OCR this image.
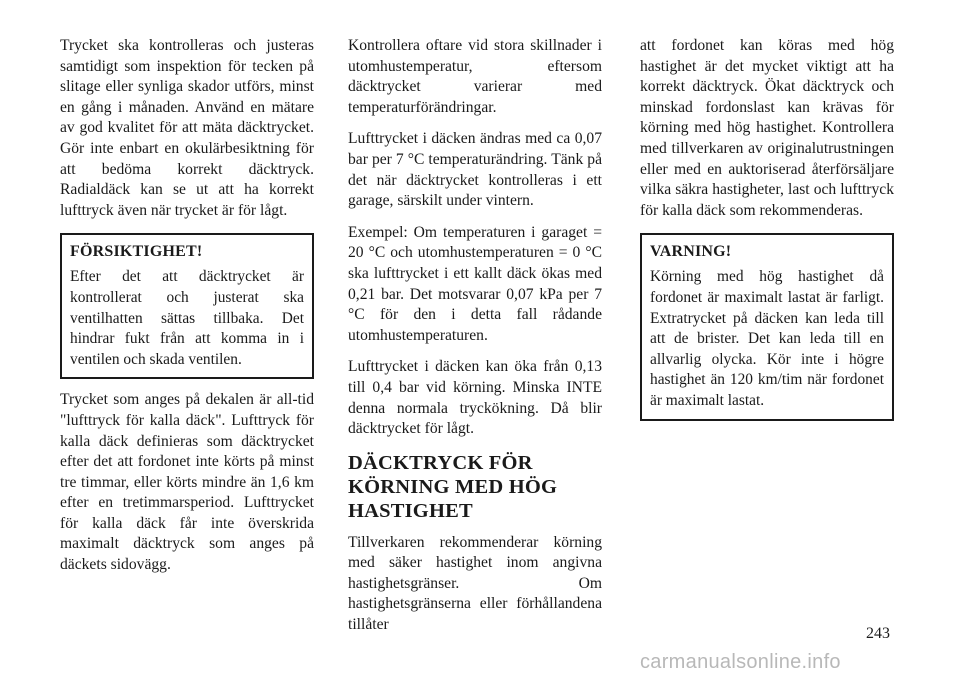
Trycket ska kontrolleras och justeras samtidigt som inspektion för tecken på slitage eller synliga skador utförs, minst en gång i månaden. Använd en mätare av god kvalitet för att mäta däcktrycket. Gör inte enbart en okulärbesiktning för att bedöma korrekt däcktryck. Radialdäck kan se ut att ha korrekt lufttryck även när trycket är för lågt.

FÖRSIKTIGHET!

Efter det att däcktrycket är kontrollerat och justerat ska ventilhatten sättas tillbaka. Det hindrar fukt från att komma in i ventilen och skada ventilen.

Trycket som anges på dekalen är all-tid "lufttryck för kalla däck". Lufttryck för kalla däck definieras som däcktrycket efter det att fordonet inte körts på minst tre timmar, eller körts mindre än 1,6 km efter en tretimmarsperiod. Lufttrycket för kalla däck får inte överskrida maximalt däcktryck som anges på däckets sidovägg.

Kontrollera oftare vid stora skillnader i utomhustemperatur, eftersom däcktrycket varierar med temperaturförändringar.

Lufttrycket i däcken ändras med ca 0,07 bar per 7 °C temperaturändring. Tänk på det när däcktrycket kontrolleras i ett garage, särskilt under vintern.

Exempel: Om temperaturen i garaget = 20 °C och utomhustemperaturen = 0 °C ska lufttrycket i ett kallt däck ökas med 0,21 bar. Det motsvarar 0,07 kPa per 7 °C för den i detta fall rådande utomhustemperaturen.

Lufttrycket i däcken kan öka från 0,13 till 0,4 bar vid körning. Minska INTE denna normala tryckökning. Då blir däcktrycket för lågt.

DÄCKTRYCK FÖR KÖRNING MED HÖG HASTIGHET

Tillverkaren rekommenderar körning med säker hastighet inom angivna hastighetsgränser. Om hastighetsgränserna eller förhållandena tillåter

att fordonet kan köras med hög hastighet är det mycket viktigt att ha korrekt däcktryck. Ökat däcktryck och minskad fordonslast kan krävas för körning med hög hastighet. Kontrollera med tillverkaren av originalutrustningen eller med en auktoriserad återförsäljare vilka säkra hastigheter, last och lufttryck för kalla däck som rekommenderas.

VARNING!

Körning med hög hastighet då fordonet är maximalt lastat är farligt. Extratrycket på däcken kan leda till att de brister. Det kan leda till en allvarlig olycka. Kör inte i högre hastighet än 120 km/tim när fordonet är maximalt lastat.

243
carmanualsonline.info
